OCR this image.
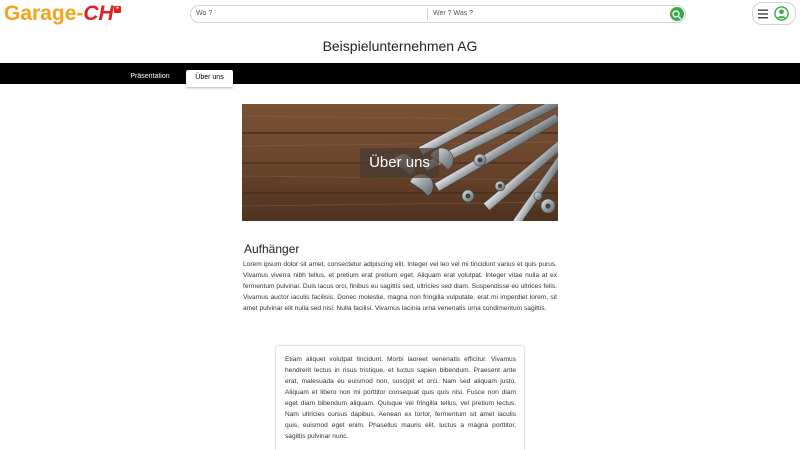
Garage- CH +
Wo ?	Wer ? Was ?
Beispielunternehmen AG
Präsentation	Über uns
Über uns
Aufhänger
Lorem ipsum dolor sit amet, consectetur adipiscing elit. Integer vel leo vel mi tincidunt varius et quis purus. Vivamus viverra nibh tellus, et pretium erat pretium eget. Aliquam erat volutpat. Integer vitae nulla at ex fermentum pulvinar. Duis lacus orci, finibus eu sagittis sed, ultricies sed diam. Suspendisse eu ultrices felis. Vivamus auctor iaculis facilisis. Donec molestie, magna non fringilla vulputate, erat mi imperdiet lorem, sit amet pulvinar elit nulla sed nisi. Nulla facilisi. Vivamus lacinia urna venenatis urna condimentum sagittis.
Etiam aliquet volutpat tincidunt. Morbi laoreet venenatis efficitur. Vivamus hendrerit lectus in risus tristique, et luctus sapien bibendum. Praesent ante erat, malesuada eu euismod non, suscipit et orci. Nam sed aliquam justo. Aliquam et libero non mi porttitor consequat quis quis nisi. Fusce non diam eget diam bibendum aliquam. Quisque vel fringilla tellus, vel pretium lectus. Nam ultricies cursus dapibus. Aenean ex tortor, fermentum sit amet iaculis quis, euismod eget enim. Phasellus mauris elit, luctus a magna porttitor, sagittis pulvinar nunc.
